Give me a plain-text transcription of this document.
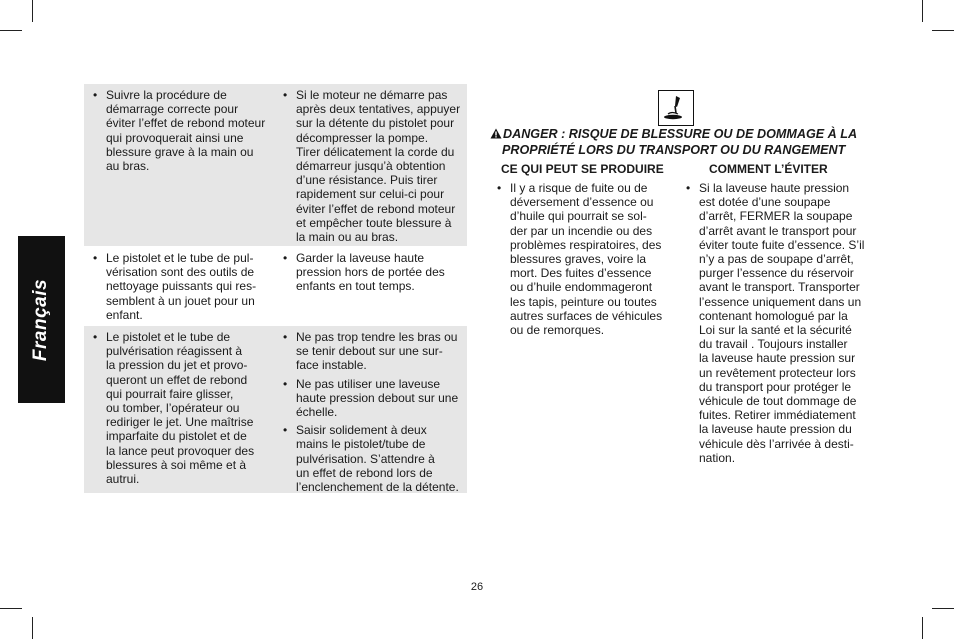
Français
• Suivre la procédure de
démarrage correcte pour
éviter l’effet de rebond moteur
qui provoquerait ainsi une
blessure grave à la main ou
au bras.
• Si le moteur ne démarre pas
après deux tentatives, appuyer
sur la détente du pistolet pour
décompresser la pompe.
Tirer délicatement la corde du
démarreur jusqu’à obtention
d’une résistance. Puis tirer
rapidement sur celui-ci pour
éviter l’effet de rebond moteur
et empêcher toute blessure à
la main ou au bras.
• Le pistolet et le tube de pul-
vérisation sont des outils de
nettoyage puissants qui res-
semblent à un jouet pour un
enfant.
• Garder la laveuse haute
pression hors de portée des
enfants en tout temps.
• Le pistolet et le tube de
pulvérisation réagissent à
la pression du jet et provo-
queront un effet de rebond
qui pourrait faire glisser,
ou tomber, l’opérateur ou
rediriger le jet. Une maîtrise
imparfaite du pistolet et de
la lance peut provoquer des
blessures à soi même et à
autrui.
• Ne pas trop tendre les bras ou
se tenir debout sur une sur-
face instable.
• Ne pas utiliser une laveuse
haute pression debout sur une
échelle.
• Saisir solidement à deux
mains le pistolet/tube de
pulvérisation. S’attendre à
un effet de rebond lors de
l’enclenchement de la détente.
DANGER : RISQUE DE BLESSURE OU DE DOMMAGE À LA
PROPRIÉTÉ LORS DU TRANSPORT OU DU RANGEMENT
CE QUI PEUT SE PRODUIRE	COMMENT L’ÉVITER
• Il y a risque de fuite ou de
déversement d’essence ou
d’huile qui pourrait se sol-
der par un incendie ou des
problèmes respiratoires, des
blessures graves, voire la
mort. Des fuites d’essence
ou d’huile endommageront
les tapis, peinture ou toutes
autres surfaces de véhicules
ou de remorques.
• Si la laveuse haute pression
est dotée d’une soupape
d’arrêt, FERMER la soupape
d’arrêt avant le transport pour
éviter toute fuite d’essence. S’il
n’y a pas de soupape d’arrêt,
purger l’essence du réservoir
avant le transport. Transporter
l’essence uniquement dans un
contenant homologué par la
Loi sur la santé et la sécurité
du travail . Toujours installer
la laveuse haute pression sur
un revêtement protecteur lors
du transport pour protéger le
véhicule de tout dommage de
fuites. Retirer immédiatement
la laveuse haute pression du
véhicule dès l’arrivée à desti-
nation.
26
